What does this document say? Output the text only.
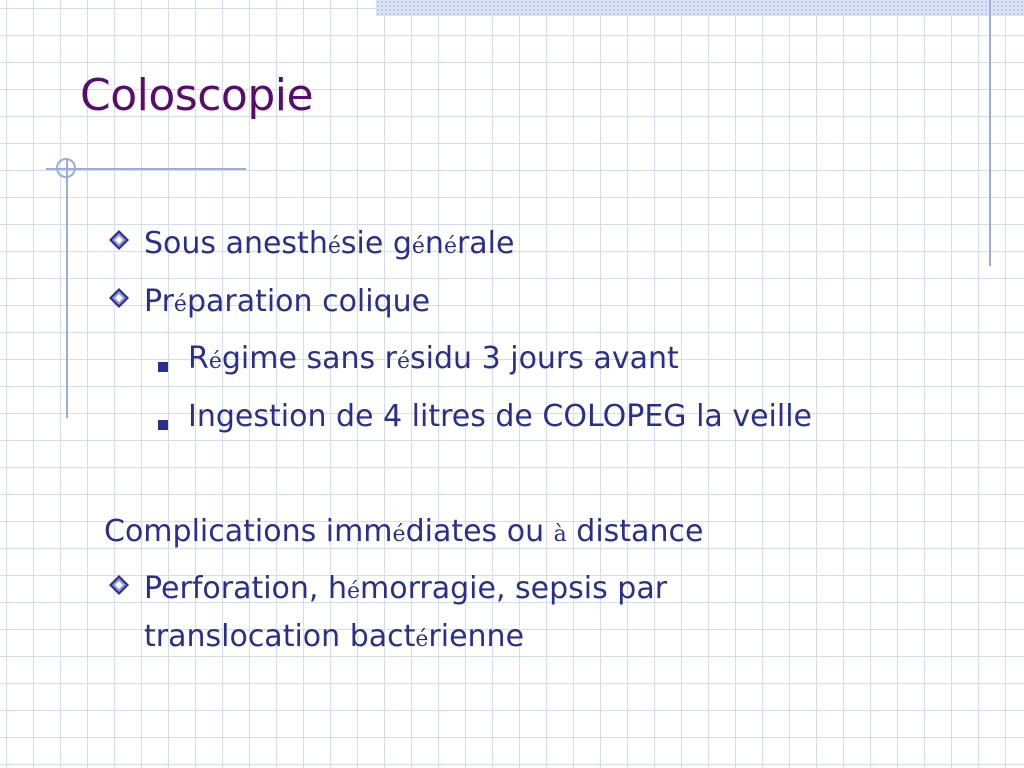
Coloscopie
Sous anesthésie générale
Préparation colique
Régime sans résidu 3 jours avant
Ingestion de 4 litres de COLOPEG la veille
Complications immédiates ou à distance
Perforation, hémorragie, sepsis par
translocation bactérienne
